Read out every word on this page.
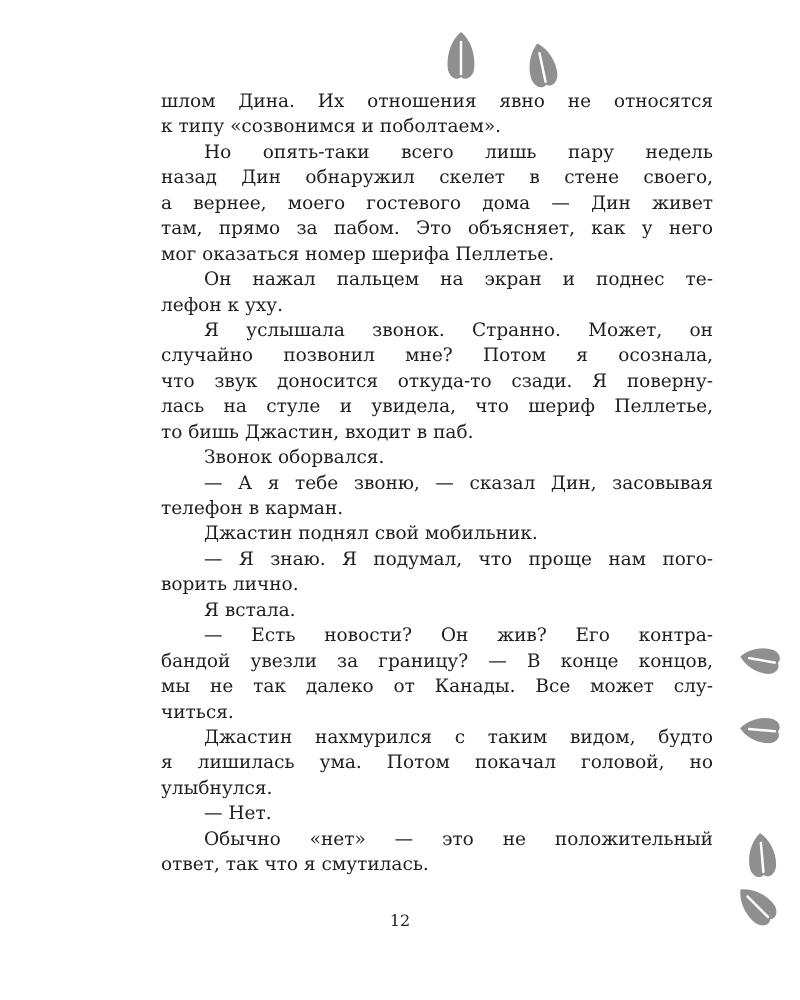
шлом Дина. Их отношения явно не относятся
к типу «созвонимся и поболтаем».
Но опять-таки всего лишь пару недель
назад Дин обнаружил скелет в стене своего,
а вернее, моего гостевого дома — Дин живет
там, прямо за пабом. Это объясняет, как у него
мог оказаться номер шерифа Пеллетье.
Он нажал пальцем на экран и поднес те-
лефон к уху.
Я услышала звонок. Странно. Может, он
случайно позвонил мне? Потом я осознала,
что звук доносится откуда-то сзади. Я поверну-
лась на стуле и увидела, что шериф Пеллетье,
то бишь Джастин, входит в паб.
Звонок оборвался.
— А я тебе звоню, — сказал Дин, засовывая
телефон в карман.
Джастин поднял свой мобильник.
— Я знаю. Я подумал, что проще нам пого-
ворить лично.
Я встала.
— Есть новости? Он жив? Его контра-
бандой увезли за границу? — В конце концов,
мы не так далеко от Канады. Все может слу-
читься.
Джастин нахмурился с таким видом, будто
я лишилась ума. Потом покачал головой, но
улыбнулся.
— Нет.
Обычно «нет» — это не положительный
ответ, так что я смутилась.
12
